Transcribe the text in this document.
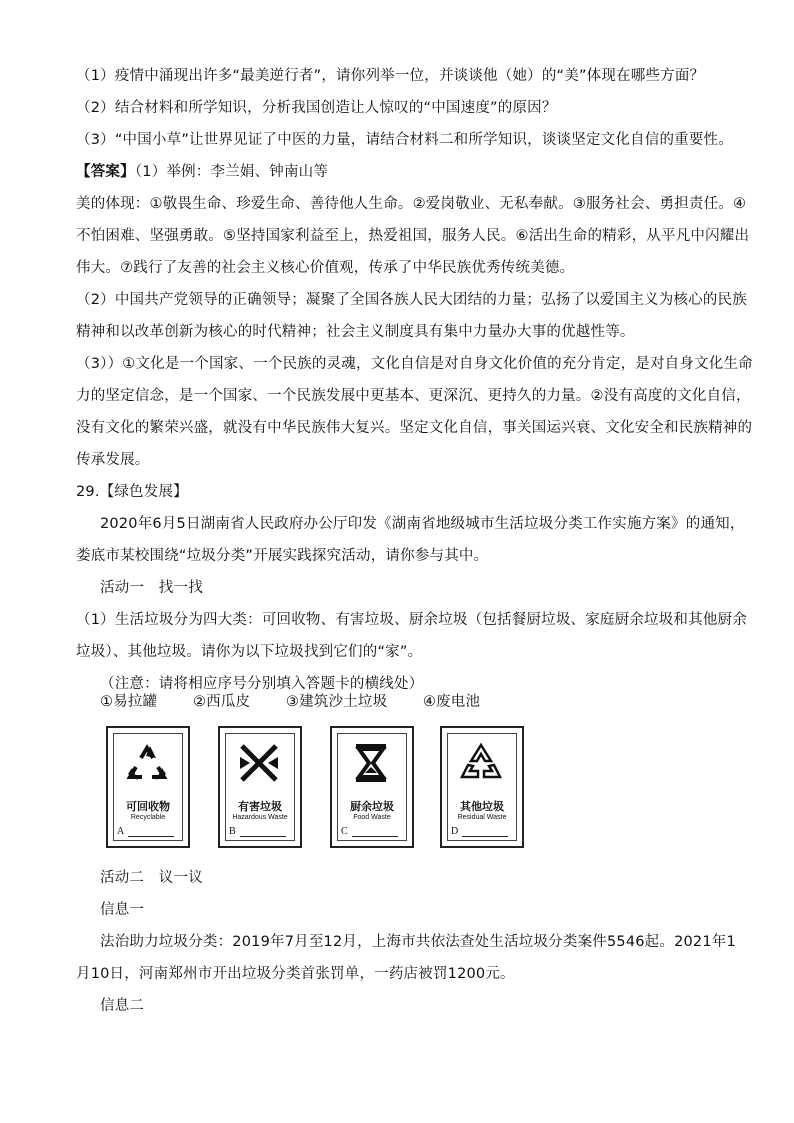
（1）疫情中涌现出许多“最美逆行者”，请你列举一位，并谈谈他（她）的“美”体现在哪些方面？
（2）结合材料和所学知识，分析我国创造让人惊叹的“中国速度”的原因？
（3）“中国小草”让世界见证了中医的力量，请结合材料二和所学知识，谈谈坚定文化自信的重要性。
【答案】（1）举例：李兰娟、钟南山等
美的体现：①敬畏生命、珍爱生命、善待他人生命。②爱岗敬业、无私奉献。③服务社会、勇担责任。④
不怕困难、坚强勇敢。⑤坚持国家利益至上，热爱祖国，服务人民。⑥活出生命的精彩，从平凡中闪耀出
伟大。⑦践行了友善的社会主义核心价值观，传承了中华民族优秀传统美德。
（2）中国共产党领导的正确领导；凝聚了全国各族人民大团结的力量；弘扬了以爱国主义为核心的民族
精神和以改革创新为核心的时代精神；社会主义制度具有集中力量办大事的优越性等。
（3））①文化是一个国家、一个民族的灵魂，文化自信是对自身文化价值的充分肯定，是对自身文化生命
力的坚定信念，是一个国家、一个民族发展中更基本、更深沉、更持久的力量。②没有高度的文化自信，
没有文化的繁荣兴盛，就没有中华民族伟大复兴。坚定文化自信，事关国运兴衰、文化安全和民族精神的
传承发展。
29.【绿色发展】
2020年6月5日湖南省人民政府办公厅印发《湖南省地级城市生活垃圾分类工作实施方案》的通知，
娄底市某校围绕“垃圾分类”开展实践探究活动，请你参与其中。
活动一　找一找
（1）生活垃圾分为四大类：可回收物、有害垃圾、厨余垃圾（包括餐厨垃圾、家庭厨余垃圾和其他厨余
垃圾）、其他垃圾。请你为以下垃圾找到它们的“家”。
（注意：请将相应序号分别填入答题卡的横线处）
①易拉罐 ②西瓜皮 ③建筑沙土垃圾 ④废电池
可回收物
Recyclable
A
有害垃圾
Hazardous Waste
B
厨余垃圾
Food Waste
C
其他垃圾
Residual Waste
D
活动二　议一议
信息一
法治助力垃圾分类：2019年7月至12月，上海市共依法查处生活垃圾分类案件5546起。2021年1
月10日，河南郑州市开出垃圾分类首张罚单，一药店被罚1200元。
信息二
